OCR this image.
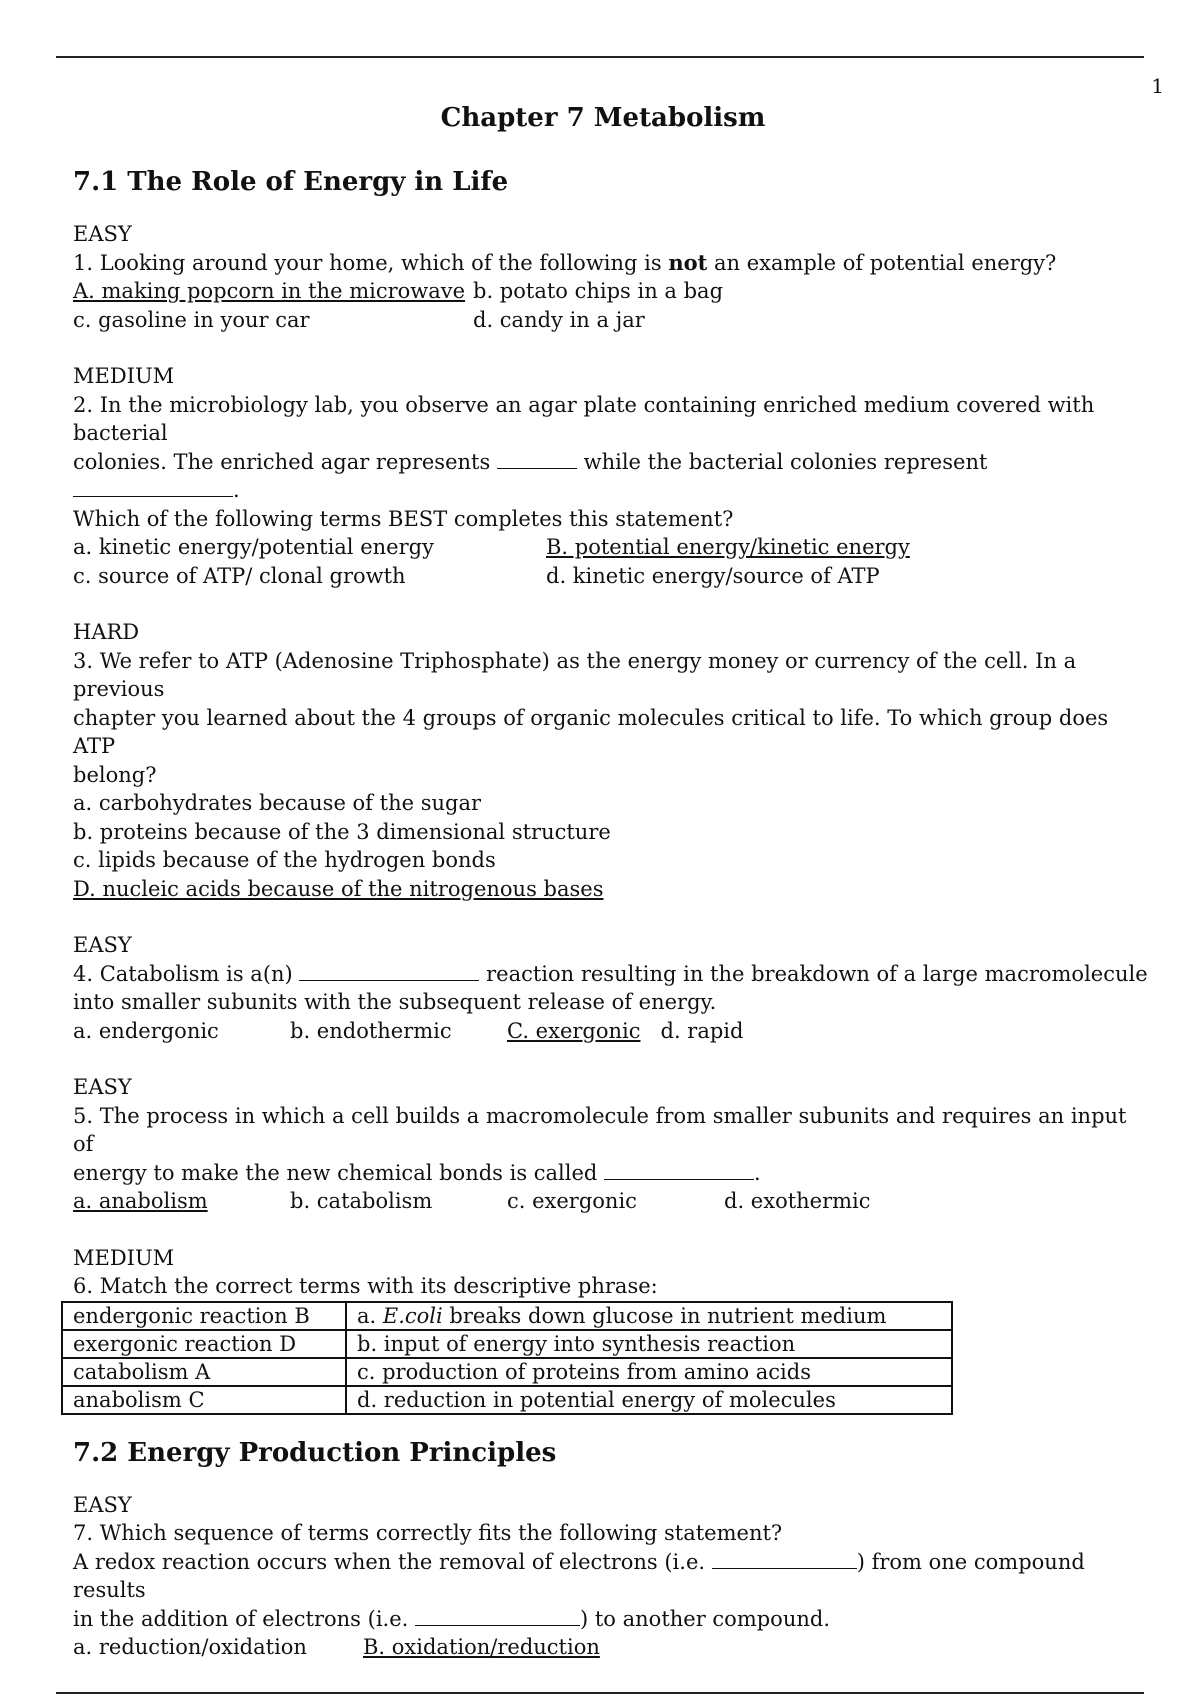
1
Chapter 7 Metabolism
7.1 The Role of Energy in Life
EASY
1. Looking around your home, which of the following is not an example of potential energy?
A. making popcorn in the microwave b. potato chips in a bag
c. gasoline in your car	d. candy in a jar
MEDIUM
2. In the microbiology lab, you observe an agar plate containing enriched medium covered with bacterial
colonies. The enriched agar represents	while the bacterial colonies represent .
Which of the following terms BEST completes this statement?
a. kinetic energy/potential energy	B. potential energy/kinetic energy
c. source of ATP/ clonal growth	d. kinetic energy/source of ATP
HARD
3. We refer to ATP (Adenosine Triphosphate) as the energy money or currency of the cell. In a previous
chapter you learned about the 4 groups of organic molecules critical to life. To which group does ATP
belong?
a. carbohydrates because of the sugar
b. proteins because of the 3 dimensional structure
c. lipids because of the hydrogen bonds
D. nucleic acids because of the nitrogenous bases
EASY
4. Catabolism is a(n)	reaction resulting in the breakdown of a large macromolecule
into smaller subunits with the subsequent release of energy.
a. endergonic	b. endothermic	C. exergonic d. rapid
EASY
5. The process in which a cell builds a macromolecule from smaller subunits and requires an input of
energy to make the new chemical bonds is called	.
a. anabolism	b. catabolism	c. exergonic	d. exothermic
MEDIUM
6. Match the correct terms with its descriptive phrase:
endergonic reaction B	a. E.coli breaks down glucose in nutrient medium
exergonic reaction D	b. input of energy into synthesis reaction
catabolism A	c. production of proteins from amino acids
anabolism C	d. reduction in potential energy of molecules
7.2 Energy Production Principles
EASY
7. Which sequence of terms correctly fits the following statement?
A redox reaction occurs when the removal of electrons (i.e.	) from one compound results
in the addition of electrons (i.e.	) to another compound.
a. reduction/oxidation	B. oxidation/reduction
